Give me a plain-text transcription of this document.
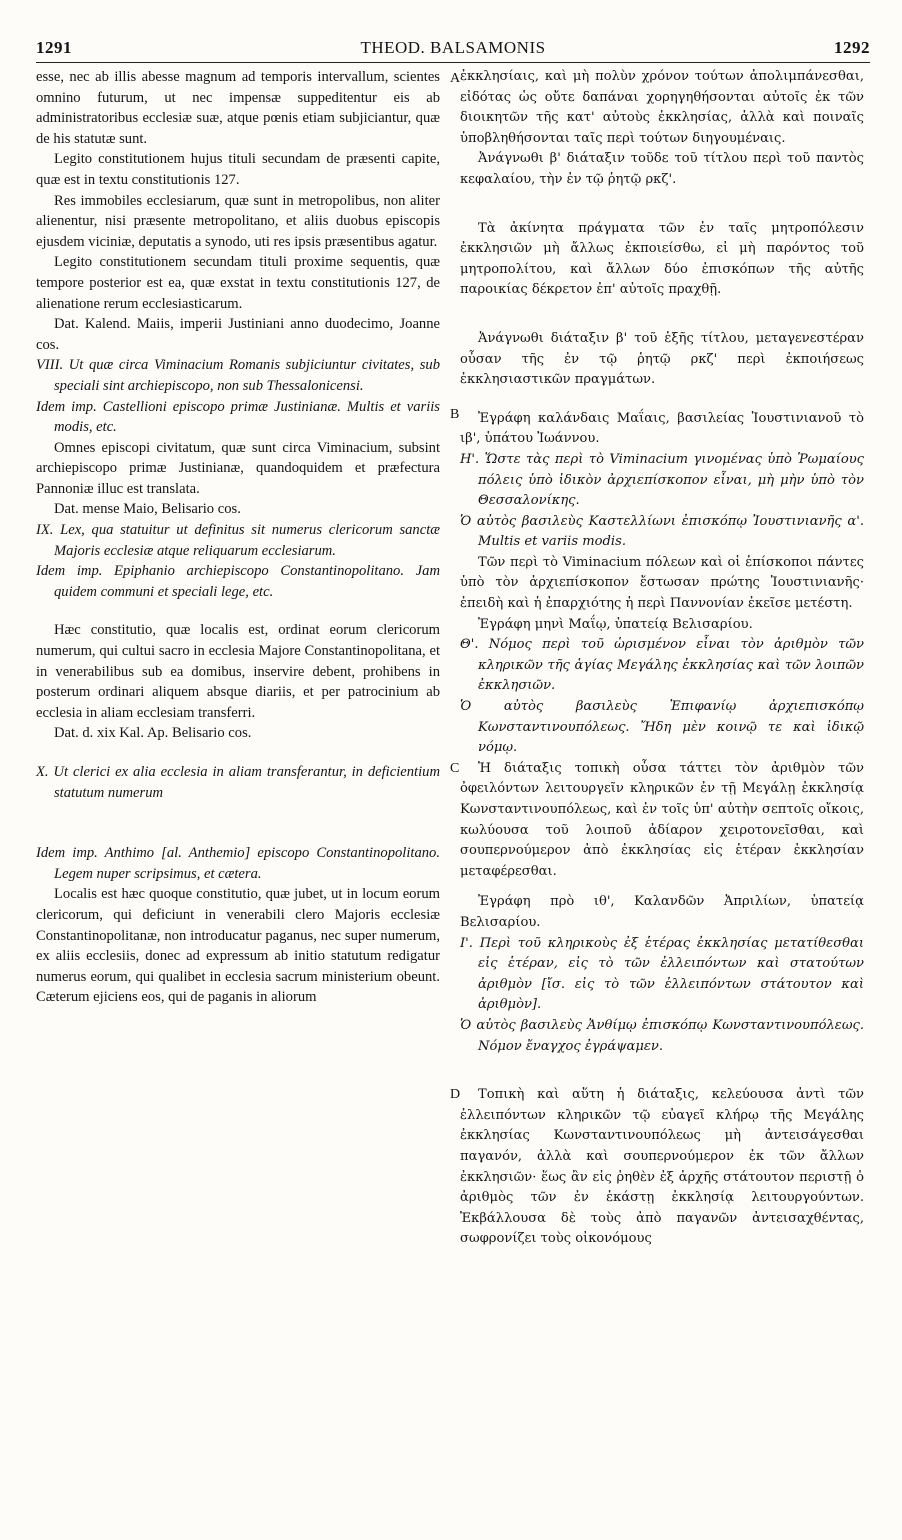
THEOD. BALSAMONIS
1291	1292
A
B
C
D

esse, nec ab illis abesse magnum ad temporis intervallum, scientes omnino futurum, ut nec impensæ suppeditentur eis ab administratoribus ecclesiæ suæ, atque pœnis etiam subjiciantur, quæ de his statutæ sunt.

Legito constitutionem hujus tituli secundam de præsenti capite, quæ est in textu constitutionis 127.

Res immobiles ecclesiarum, quæ sunt in metropolibus, non aliter alienentur, nisi præsente metropolitano, et aliis duobus episcopis ejusdem viciniæ, deputatis a synodo, uti res ipsis præsentibus agatur.

Legito constitutionem secundam tituli proxime sequentis, quæ tempore posterior est ea, quæ exstat in textu constitutionis 127, de alienatione rerum ecclesiasticarum.

Dat. Kalend. Maiis, imperii Justiniani anno duodecimo, Joanne cos.

VIII. Ut quæ circa Viminacium Romanis subjiciuntur civitates, sub speciali sint archiepiscopo, non sub Thessalonicensi.

Idem imp. Castellioni episcopo primæ Justinianæ. Multis et variis modis, etc.

Omnes episcopi civitatum, quæ sunt circa Viminacium, subsint archiepiscopo primæ Justinianæ, quandoquidem et præfectura Pannoniæ illuc est translata.

Dat. mense Maio, Belisario cos.

IX. Lex, qua statuitur ut definitus sit numerus clericorum sanctæ Majoris ecclesiæ atque reliquarum ecclesiarum.

Idem imp. Epiphanio archiepiscopo Constantinopolitano. Jam quidem communi et speciali lege, etc.

Hæc constitutio, quæ localis est, ordinat eorum clericorum numerum, qui cultui sacro in ecclesia Majore Constantinopolitana, et in venerabilibus sub ea domibus, inservire debent, prohibens in posterum ordinari aliquem absque diariis, et per patrocinium ab ecclesia in aliam ecclesiam transferri.

Dat. d. xix Kal. Ap. Belisario cos.

X. Ut clerici ex alia ecclesia in aliam transferantur, in deficientium statutum numerum

Idem imp. Anthimo [al. Anthemio] episcopo Constantinopolitano. Legem nuper scripsimus, et cætera.

Localis est hæc quoque constitutio, quæ jubet, ut in locum eorum clericorum, qui deficiunt in venerabili clero Majoris ecclesiæ Constantinopolitanæ, non introducatur paganus, nec super numerum, ex aliis ecclesiis, donec ad expressum ab initio statutum redigatur numerus eorum, qui qualibet in ecclesia sacrum ministerium obeunt. Cæterum ejiciens eos, qui de paganis in aliorum

ἐκκλησίαις, καὶ μὴ πολὺν χρόνον τούτων ἀπολιμπάνεσθαι, εἰδότας ὡς οὔτε δαπάναι χορηγηθήσονται αὐτοῖς ἐκ τῶν διοικητῶν τῆς κατ' αὐτοὺς ἐκκλησίας, ἀλλὰ καὶ ποιναῖς ὑποβληθήσονται ταῖς περὶ τούτων διηγουμέναις.

Ἀνάγνωθι β' διάταξιν τοῦδε τοῦ τίτλου περὶ τοῦ παντὸς κεφαλαίου, τὴν ἐν τῷ ῥητῷ ρκζ'.

Τὰ ἀκίνητα πράγματα τῶν ἐν ταῖς μητροπόλεσιν ἐκκλησιῶν μὴ ἄλλως ἐκποιείσθω, εἰ μὴ παρόντος τοῦ μητροπολίτου, καὶ ἄλλων δύο ἐπισκόπων τῆς αὐτῆς παροικίας δέκρετον ἐπ' αὐτοῖς πραχθῇ.

Ἀνάγνωθι διάταξιν β' τοῦ ἑξῆς τίτλου, μεταγενεστέραν οὖσαν τῆς ἐν τῷ ῥητῷ ρκζ' περὶ ἐκποιήσεως ἐκκλησιαστικῶν πραγμάτων.

Ἐγράφη καλάνδαις Μαΐαις, βασιλείας Ἰουστινιανοῦ τὸ ιβ', ὑπάτου Ἰωάννου.

Η'. Ὥστε τὰς περὶ τὸ Viminacium γινομένας ὑπὸ Ῥωμαίους πόλεις ὑπὸ ἰδικὸν ἀρχιεπίσκοπον εἶναι, μὴ μὴν ὑπὸ τὸν Θεσσαλονίκης.

Ὁ αὐτὸς βασιλεὺς Καστελλίωνι ἐπισκόπῳ Ἰουστινιανῆς α'. Multis et variis modis.

Τῶν περὶ τὸ Viminacium πόλεων καὶ οἱ ἐπίσκοποι πάντες ὑπὸ τὸν ἀρχιεπίσκοπον ἔστωσαν πρώτης Ἰουστινιανῆς· ἐπειδὴ καὶ ἡ ἐπαρχιότης ἡ περὶ Παννονίαν ἐκεῖσε μετέστη.

Ἐγράφη μηνὶ Μαΐῳ, ὑπατείᾳ Βελισαρίου.

Θ'. Νόμος περὶ τοῦ ὡρισμένον εἶναι τὸν ἀριθμὸν τῶν κληρικῶν τῆς ἁγίας Μεγάλης ἐκκλησίας καὶ τῶν λοιπῶν ἐκκλησιῶν.

Ὁ αὐτὸς βασιλεὺς Ἐπιφανίῳ ἀρχιεπισκόπῳ Κωνσταντινουπόλεως. Ἤδη μὲν κοινῷ τε καὶ ἰδικῷ νόμῳ.

Ἡ διάταξις τοπικὴ οὖσα τάττει τὸν ἀριθμὸν τῶν ὀφειλόντων λειτουργεῖν κληρικῶν ἐν τῇ Μεγάλῃ ἐκκλησίᾳ Κωνσταντινουπόλεως, καὶ ἐν τοῖς ὑπ' αὐτὴν σεπτοῖς οἴκοις, κωλύουσα τοῦ λοιποῦ ἀδίαρον χειροτονεῖσθαι, καὶ σουπερνούμερον ἀπὸ ἐκκλησίας εἰς ἑτέραν ἐκκλησίαν μεταφέρεσθαι.

Ἐγράφη πρὸ ιθ', Καλανδῶν Ἀπριλίων, ὑπατείᾳ Βελισαρίου.

Ι'. Περὶ τοῦ κληρικοὺς ἐξ ἑτέρας ἐκκλησίας μετατίθεσθαι εἰς ἑτέραν, εἰς τὸ τῶν ἐλλειπόντων καὶ στατούτων ἀριθμὸν [ἴσ. εἰς τὸ τῶν ἐλλειπόντων στάτουτον καὶ ἀριθμὸν].

Ὁ αὐτὸς βασιλεὺς Ἀνθίμῳ ἐπισκόπῳ Κωνσταντινουπόλεως. Νόμον ἔναγχος ἐγράψαμεν.

Τοπικὴ καὶ αὕτη ἡ διάταξις, κελεύουσα ἀντὶ τῶν ἐλλειπόντων κληρικῶν τῷ εὐαγεῖ κλήρῳ τῆς Μεγάλης ἐκκλησίας Κωνσταντινουπόλεως μὴ ἀντεισάγεσθαι παγανόν, ἀλλὰ καὶ σουπερνούμερον ἐκ τῶν ἄλλων ἐκκλησιῶν· ἕως ἂν εἰς ῥηθὲν ἐξ ἀρχῆς στάτουτον περιστῇ ὁ ἀριθμὸς τῶν ἐν ἑκάστῃ ἐκκλησίᾳ λειτουργούντων. Ἐκβάλλουσα δὲ τοὺς ἀπὸ παγανῶν ἀντεισαχθέντας, σωφρονίζει τοὺς οἰκονόμους
